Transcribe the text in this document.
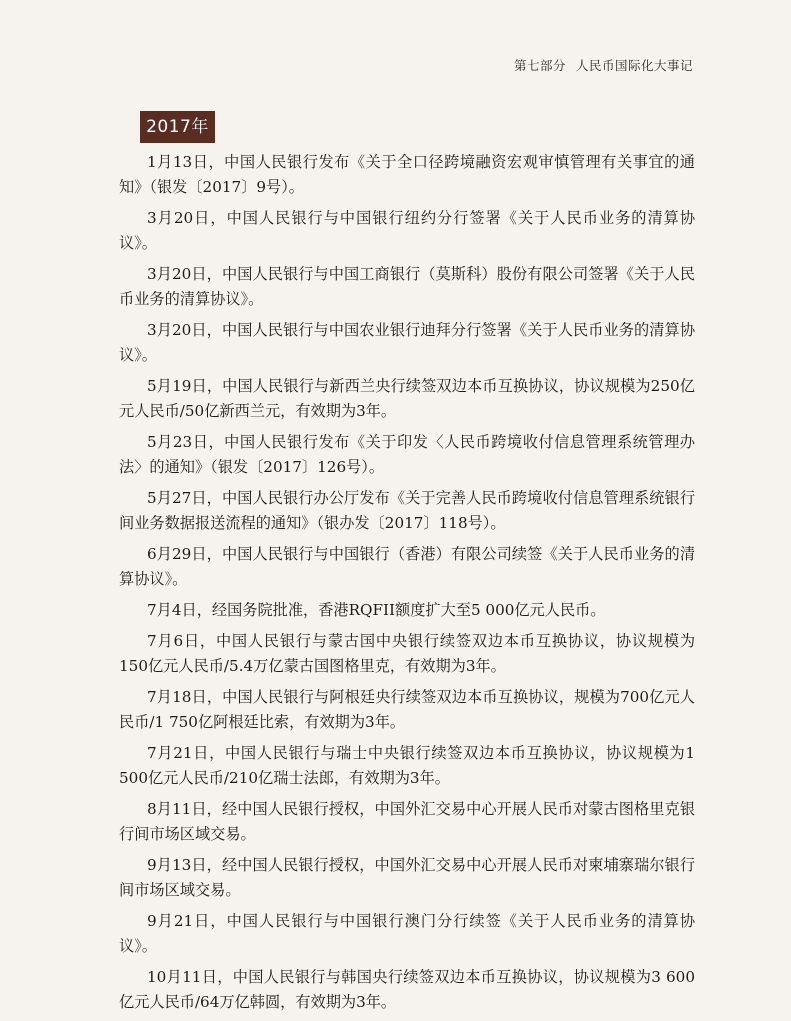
第七部分 人民币国际化大事记
2017年

1月13日，中国人民银行发布《关于全口径跨境融资宏观审慎管理有关事宜的通知》（银发〔2017〕9号）。

3月20日，中国人民银行与中国银行纽约分行签署《关于人民币业务的清算协议》。

3月20日，中国人民银行与中国工商银行（莫斯科）股份有限公司签署《关于人民币业务的清算协议》。

3月20日，中国人民银行与中国农业银行迪拜分行签署《关于人民币业务的清算协议》。

5月19日，中国人民银行与新西兰央行续签双边本币互换协议，协议规模为250亿元人民币/50亿新西兰元，有效期为3年。

5月23日，中国人民银行发布《关于印发〈人民币跨境收付信息管理系统管理办法〉的通知》（银发〔2017〕126号）。

5月27日，中国人民银行办公厅发布《关于完善人民币跨境收付信息管理系统银行间业务数据报送流程的通知》（银办发〔2017〕118号）。

6月29日，中国人民银行与中国银行（香港）有限公司续签《关于人民币业务的清算协议》。

7月4日，经国务院批准，香港RQFII额度扩大至5 000亿元人民币。

7月6日，中国人民银行与蒙古国中央银行续签双边本币互换协议，协议规模为150亿元人民币/5.4万亿蒙古国图格里克，有效期为3年。

7月18日，中国人民银行与阿根廷央行续签双边本币互换协议，规模为700亿元人民币/1 750亿阿根廷比索，有效期为3年。

7月21日，中国人民银行与瑞士中央银行续签双边本币互换协议，协议规模为1 500亿元人民币/210亿瑞士法郎，有效期为3年。

8月11日，经中国人民银行授权，中国外汇交易中心开展人民币对蒙古图格里克银行间市场区域交易。

9月13日，经中国人民银行授权，中国外汇交易中心开展人民币对柬埔寨瑞尔银行间市场区域交易。

9月21日，中国人民银行与中国银行澳门分行续签《关于人民币业务的清算协议》。

10月11日，中国人民银行与韩国央行续签双边本币互换协议，协议规模为3 600亿元人民币/64万亿韩圆，有效期为3年。
